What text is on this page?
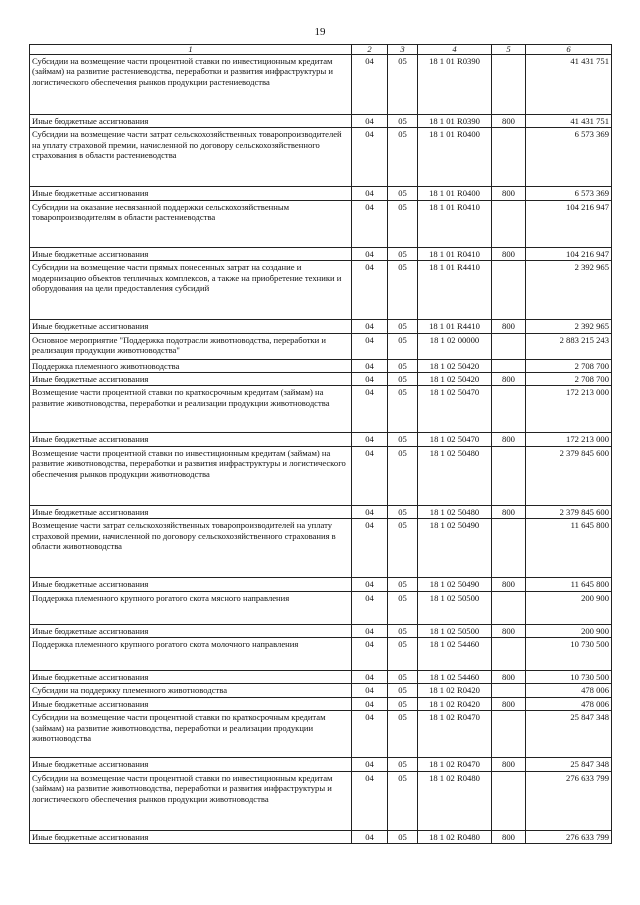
19
1	2	3	4	5	6
Субсидии на возмещение части процентной ставки по инвестиционным кредитам (займам) на развитие растениеводства, переработки и развития инфраструктуры и логистического обеспечения рынков продукции растениеводства	04	05	18 1 01 R0390		41 431 751
Иные бюджетные ассигнования	04	05	18 1 01 R0390	800	41 431 751
Субсидии на возмещение части затрат сельскохозяйственных товаропроизводителей на уплату страховой премии, начисленной по договору сельскохозяйственного страхования в области растениеводства	04	05	18 1 01 R0400		6 573 369
Иные бюджетные ассигнования	04	05	18 1 01 R0400	800	6 573 369
Субсидии на оказание несвязанной поддержки сельскохозяйственным товаропроизводителям в области растениеводства	04	05	18 1 01 R0410		104 216 947
Иные бюджетные ассигнования	04	05	18 1 01 R0410	800	104 216 947
Субсидии на возмещение части прямых понесенных затрат на создание и модернизацию объектов тепличных комплексов, а также на приобретение техники и оборудования на цели предоставления субсидий	04	05	18 1 01 R4410		2 392 965
Иные бюджетные ассигнования	04	05	18 1 01 R4410	800	2 392 965
Основное мероприятие "Поддержка подотрасли животноводства, переработки и реализация продукции животноводства"	04	05	18 1 02 00000		2 883 215 243
Поддержка племенного животноводства	04	05	18 1 02 50420		2 708 700
Иные бюджетные ассигнования	04	05	18 1 02 50420	800	2 708 700
Возмещение части процентной ставки по краткосрочным кредитам (займам) на развитие животноводства, переработки и реализации продукции животноводства	04	05	18 1 02 50470		172 213 000
Иные бюджетные ассигнования	04	05	18 1 02 50470	800	172 213 000
Возмещение части процентной ставки по инвестиционным кредитам (займам) на развитие животноводства, переработки и развития инфраструктуры и логистического обеспечения рынков продукции животноводства	04	05	18 1 02 50480		2 379 845 600
Иные бюджетные ассигнования	04	05	18 1 02 50480	800	2 379 845 600
Возмещение части затрат сельскохозяйственных товаропроизводителей на уплату страховой премии, начисленной по договору сельскохозяйственного страхования в области животноводства	04	05	18 1 02 50490		11 645 800
Иные бюджетные ассигнования	04	05	18 1 02 50490	800	11 645 800
Поддержка племенного крупного рогатого скота мясного направления	04	05	18 1 02 50500		200 900
Иные бюджетные ассигнования	04	05	18 1 02 50500	800	200 900
Поддержка племенного крупного рогатого скота молочного направления	04	05	18 1 02 54460		10 730 500
Иные бюджетные ассигнования	04	05	18 1 02 54460	800	10 730 500
Субсидии на поддержку племенного животноводства	04	05	18 1 02 R0420		478 006
Иные бюджетные ассигнования	04	05	18 1 02 R0420	800	478 006
Субсидии на возмещение части процентной ставки по краткосрочным кредитам (займам) на развитие животноводства, переработки и реализации продукции животноводства	04	05	18 1 02 R0470		25 847 348
Иные бюджетные ассигнования	04	05	18 1 02 R0470	800	25 847 348
Субсидии на возмещение части процентной ставки по инвестиционным кредитам (займам) на развитие животноводства, переработки и развития инфраструктуры и логистического обеспечения рынков продукции животноводства	04	05	18 1 02 R0480		276 633 799
Иные бюджетные ассигнования	04	05	18 1 02 R0480	800	276 633 799
